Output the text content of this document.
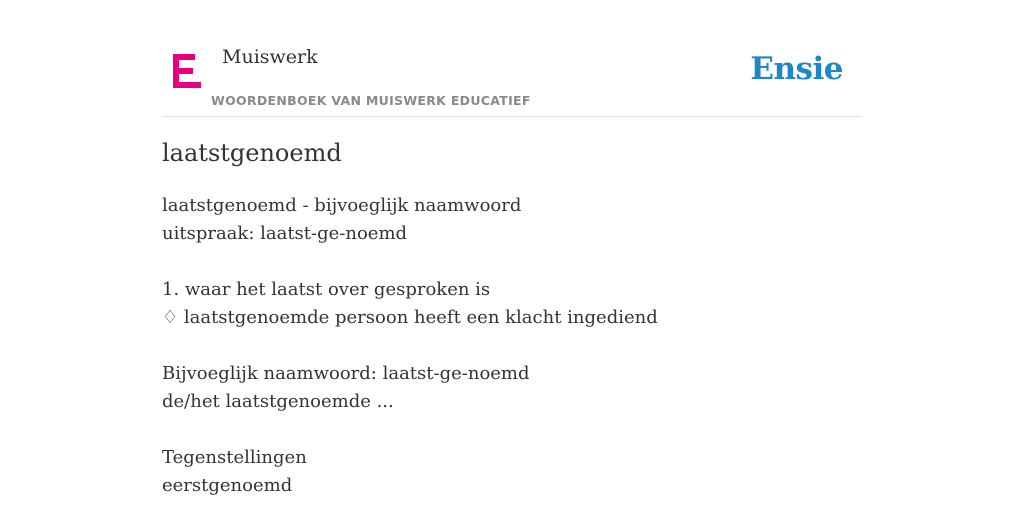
Muiswerk
WOORDENBOEK VAN MUISWERK EDUCATIEF
Ensie
laatstgenoemd
laatstgenoemd - bijvoeglijk naamwoord
uitspraak: laatst-ge-noemd
1. waar het laatst over gesproken is
♢ laatstgenoemde persoon heeft een klacht ingediend
Bijvoeglijk naamwoord: laatst-ge-noemd
de/het laatstgenoemde ...
Tegenstellingen
eerstgenoemd
